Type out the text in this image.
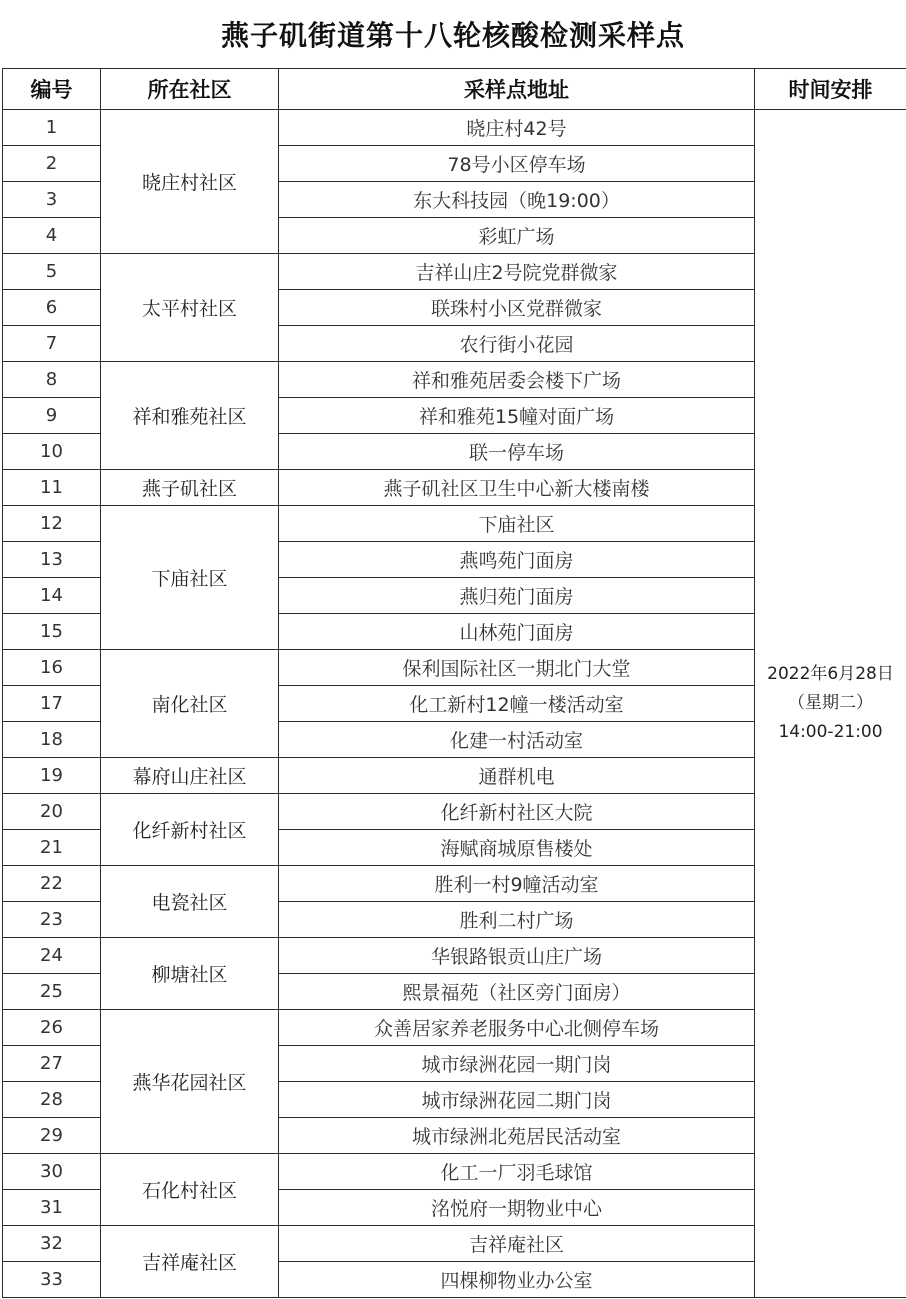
燕子矶街道第十八轮核酸检测采样点
编号	所在社区	采样点地址	时间安排
1	晓庄村社区	晓庄村42号	2022年6月28日
（星期二）
14:00-21:00

2		78号小区停车场	
3		东大科技园（晚19:00）	
4		彩虹广场	
5	太平村社区	吉祥山庄2号院党群微家	
6		联珠村小区党群微家	
7		农行街小花园	
8	祥和雅苑社区	祥和雅苑居委会楼下广场	
9		祥和雅苑15幢对面广场	
10		联一停车场	
11	燕子矶社区	燕子矶社区卫生中心新大楼南楼	
12	下庙社区	下庙社区	
13		燕鸣苑门面房	
14		燕归苑门面房	
15		山林苑门面房	
16	南化社区	保利国际社区一期北门大堂	
17		化工新村12幢一楼活动室	
18		化建一村活动室	
19	幕府山庄社区	通群机电	
20	化纤新村社区	化纤新村社区大院	
21		海赋商城原售楼处	
22	电瓷社区	胜利一村9幢活动室	
23		胜利二村广场	
24	柳塘社区	华银路银贡山庄广场	
25		熙景福苑（社区旁门面房）	
26	燕华花园社区	众善居家养老服务中心北侧停车场	
27		城市绿洲花园一期门岗	
28		城市绿洲花园二期门岗	
29		城市绿洲北苑居民活动室	
30	石化村社区	化工一厂羽毛球馆	
31		洺悦府一期物业中心	
32	吉祥庵社区	吉祥庵社区	
33		四棵柳物业办公室	
